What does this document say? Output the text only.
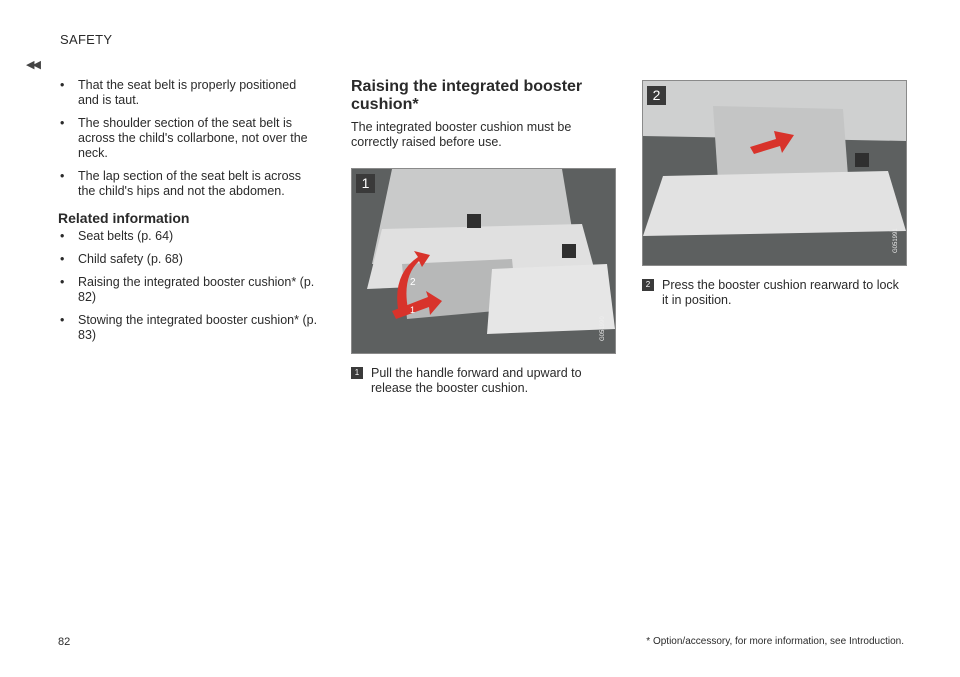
SAFETY
◀◀
• That the seat belt is properly positioned and is taut.
• The shoulder section of the seat belt is across the child's collarbone, not over the neck.
• The lap section of the seat belt is across the child's hips and not the abdomen.
Related information
• Seat belts (p. 64)
• Child safety (p. 68)
• Raising the integrated booster cushion* (p. 82)
• Stowing the integrated booster cushion* (p. 83)
Raising the integrated booster cushion*
The integrated booster cushion must be correctly raised before use.
1
2
1
G051990
1 Pull the handle forward and upward to release the booster cushion.
2
G051991
2 Press the booster cushion rearward to lock it in position.
82	* Option/accessory, for more information, see Introduction.
